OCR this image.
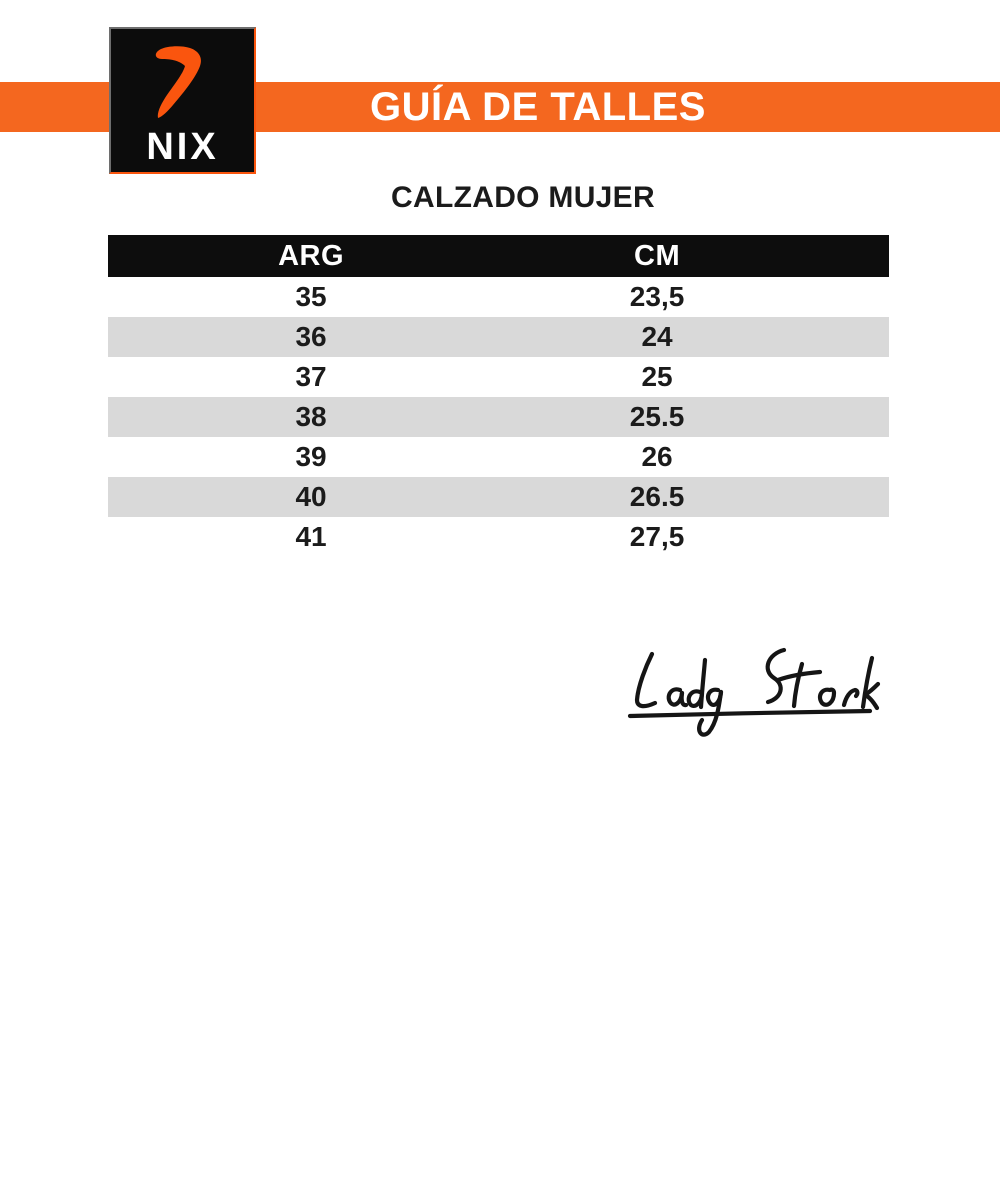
GUÍA DE TALLES
NIX
CALZADO MUJER
ARG	CM
35	23,5
36	24
37	25
38	25.5
39	26
40	26.5
41	27,5
